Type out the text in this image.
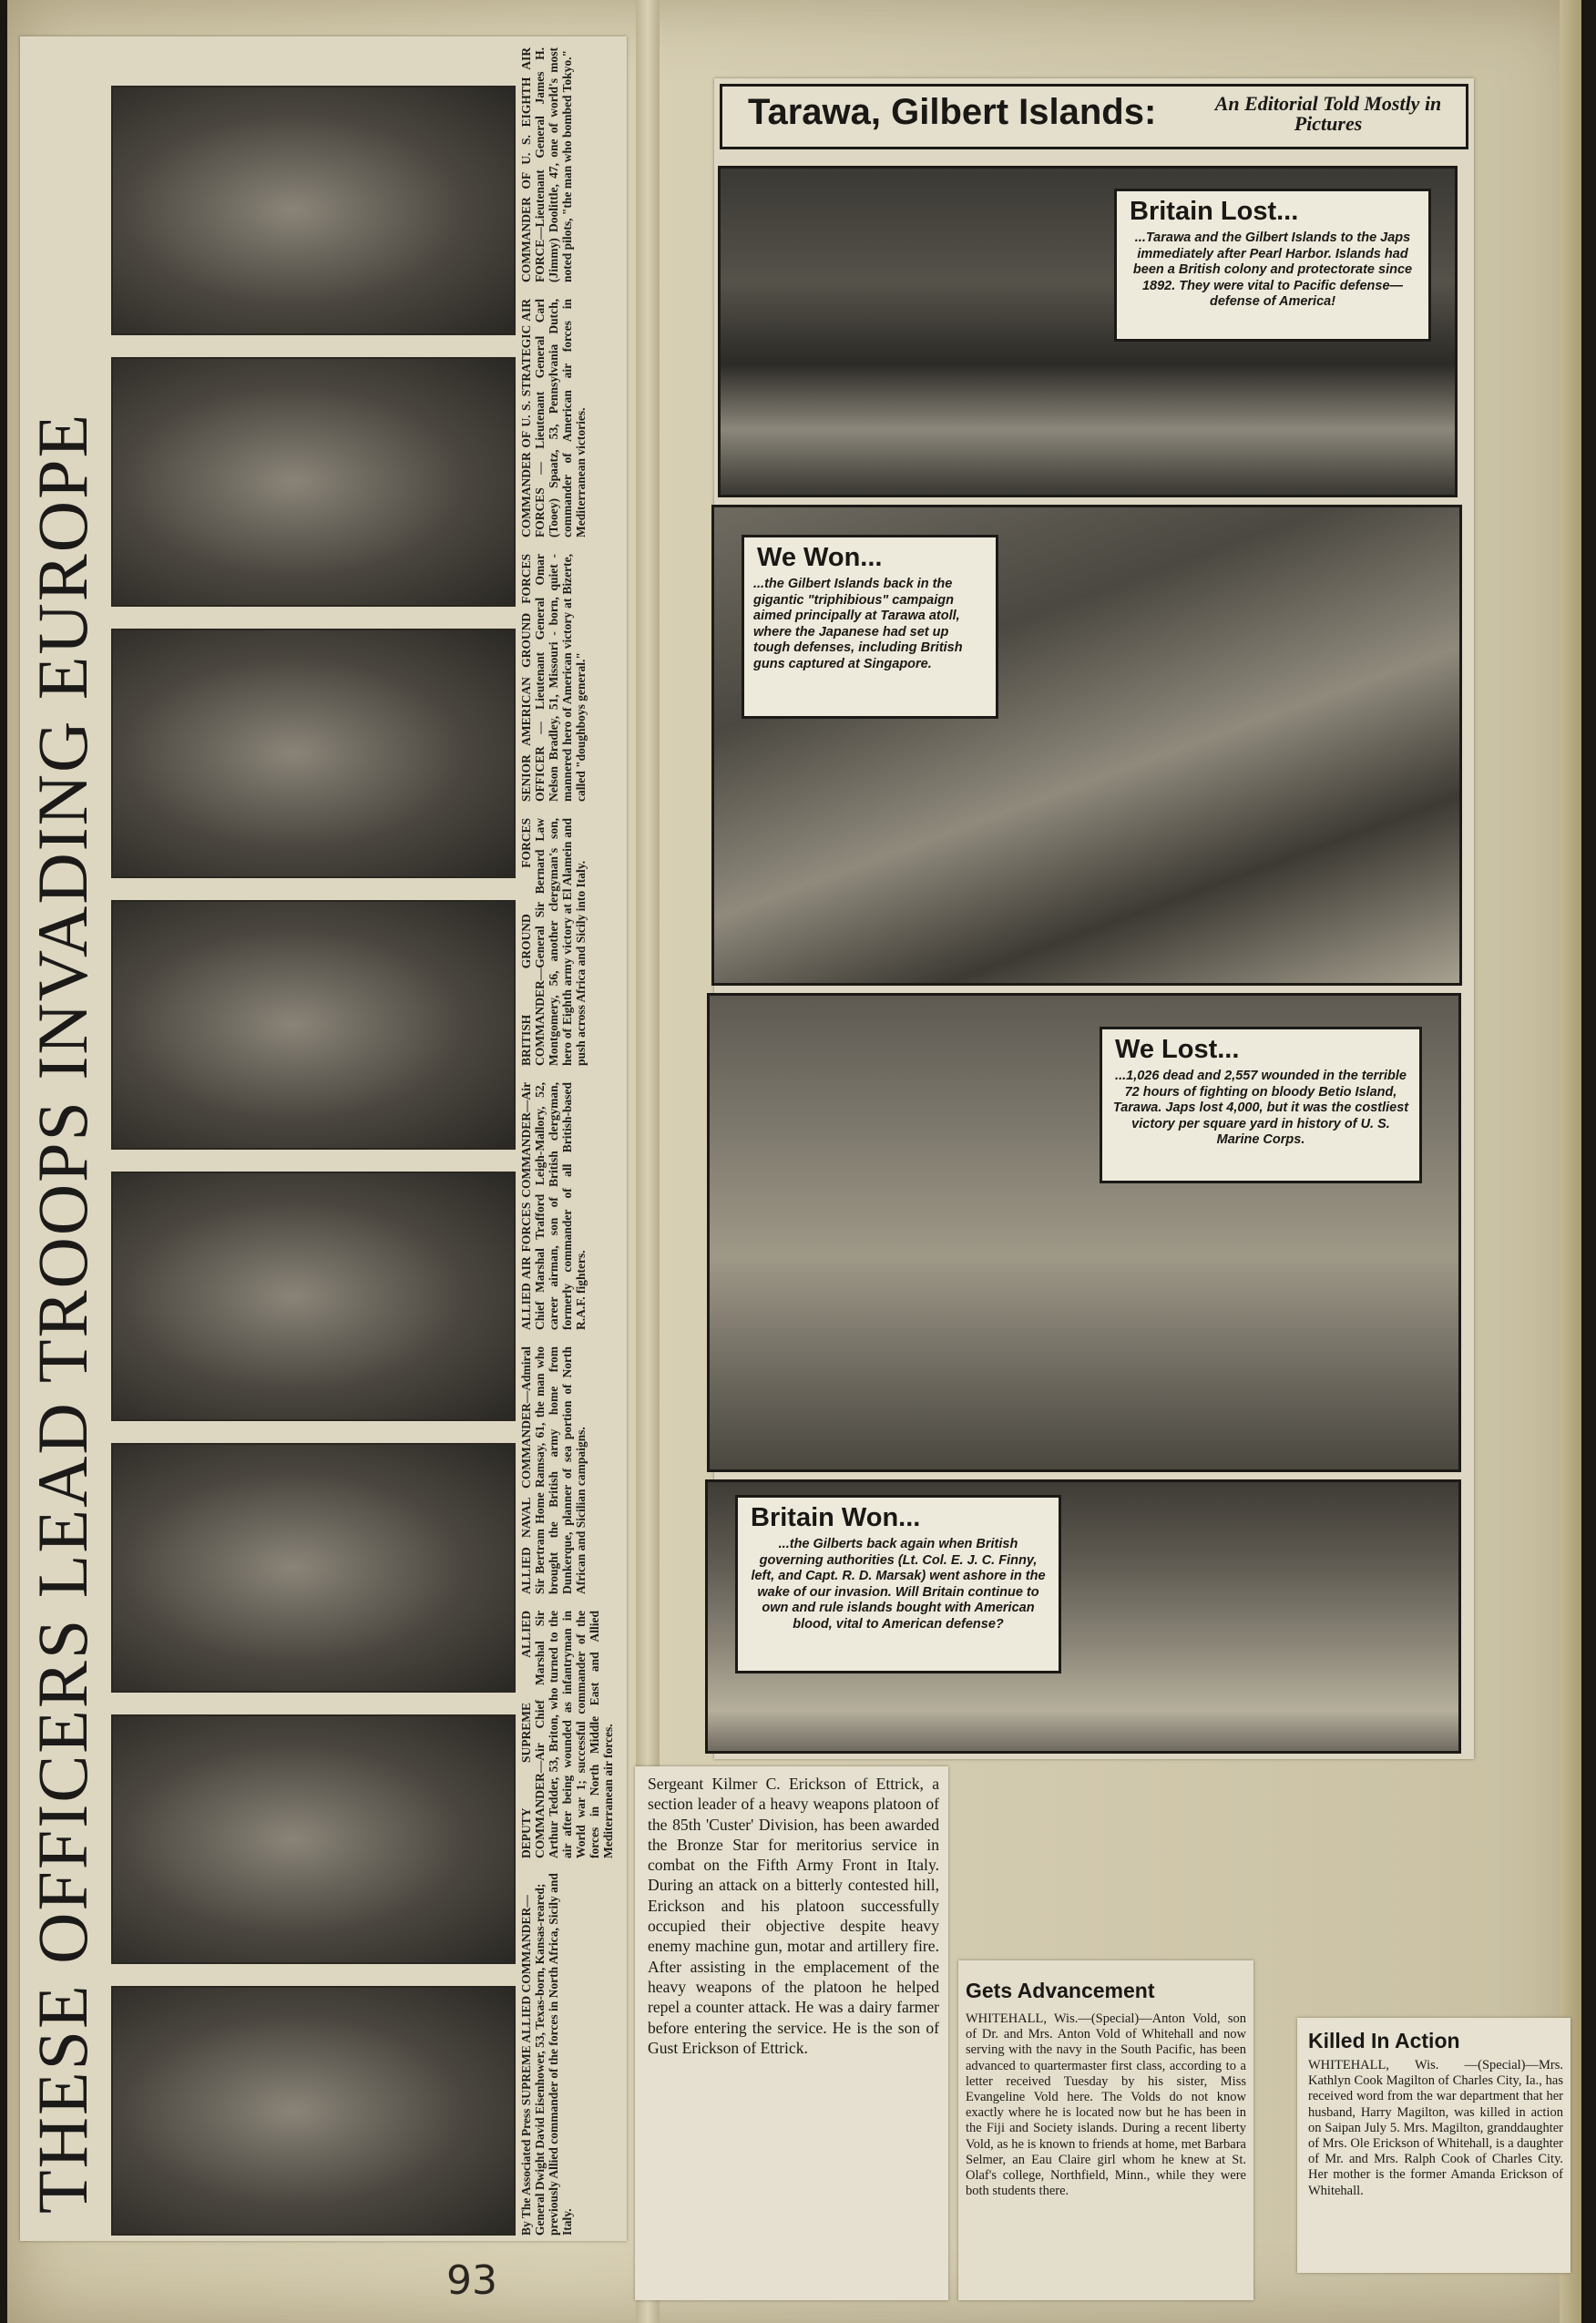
THESE OFFICERS LEAD TROOPS INVADING EUROPE	By The Associated Press SUPREME ALLIED COMMANDER—General Dwight David Eisenhower, 53, Texas-born, Kansas-reared; previously Allied commander of the forces in North Africa, Sicily and Italy.
DEPUTY SUPREME ALLIED COMMANDER—Air Chief Marshal Sir Arthur Tedder, 53, Briton, who turned to the air after being wounded as infantryman in World war 1; successful commander of the forces in North Middle East and Allied Mediterranean air forces.
ALLIED NAVAL COMMANDER—Admiral Sir Bertram Home Ramsay, 61, the man who brought the British army home from Dunkerque, planner of sea portion of North African and Sicilian campaigns.
ALLIED AIR FORCES COMMANDER—Air Chief Marshal Trafford Leigh-Mallory, 52, career airman, son of British clergyman, formerly commander of all British-based R.A.F. fighters.
BRITISH GROUND FORCES COMMANDER—General Sir Bernard Law Montgomery, 56, another clergyman's son, hero of Eighth army victory at El Alamein and push across Africa and Sicily into Italy.
SENIOR AMERICAN GROUND FORCES OFFICER — Lieutenant General Omar Nelson Bradley, 51, Missouri - born, quiet - mannered hero of American victory at Bizerte, called "doughboys general."
COMMANDER OF U. S. STRATEGIC AIR FORCES — Lieutenant General Carl (Tooey) Spaatz, 53, Pennsylvania Dutch, commander of American air forces in Mediterranean victories.
COMMANDER OF U. S. EIGHTH AIR FORCE—Lieutenant General James H. (Jimmy) Doolittle, 47, one of world's most noted pilots, "the man who bombed Tokyo."	Tarawa, Gilbert Islands:	An Editorial Told Mostly in Pictures
Britain Lost...
...Tarawa and the Gilbert Islands to the Japs immediately after Pearl Harbor. Islands had been a British colony and protectorate since 1892. They were vital to Pacific defense—defense of America!
We Won...
...the Gilbert Islands back in the gigantic "triphibious" campaign aimed principally at Tarawa atoll, where the Japanese had set up tough defenses, including British guns captured at Singapore.
We Lost...
...1,026 dead and 2,557 wounded in the terrible 72 hours of fighting on bloody Betio Island, Tarawa. Japs lost 4,000, but it was the costliest victory per square yard in history of U. S. Marine Corps.
Britain Won...
...the Gilberts back again when British governing authorities (Lt. Col. E. J. C. Finny, left, and Capt. R. D. Marsak) went ashore in the wake of our invasion. Will Britain continue to own and rule islands bought with American blood, vital to American defense?
Sergeant Kilmer C. Erickson of Ettrick, a section leader of a heavy weapons platoon of the 85th 'Custer' Division, has been awarded the Bronze Star for meritorius service in combat on the Fifth Army Front in Italy. During an attack on a bitterly contested hill, Erickson and his platoon successfully occupied their objective despite heavy enemy machine gun, motar and artillery fire. After assisting in the emplacement of the heavy weapons of the platoon he helped repel a counter attack. He was a dairy farmer before entering the service. He is the son of Gust Erickson of Ettrick.
Gets Advancement
WHITEHALL, Wis.—(Special)—Anton Vold, son of Dr. and Mrs. Anton Vold of Whitehall and now serving with the navy in the South Pacific, has been advanced to quartermaster first class, according to a letter received Tuesday by his sister, Miss Evangeline Vold here. The Volds do not know exactly where he is located now but he has been in the Fiji and Society islands. During a recent liberty Vold, as he is known to friends at home, met Barbara Selmer, an Eau Claire girl whom he knew at St. Olaf's college, Northfield, Minn., while they were both students there.
Killed In Action
WHITEHALL, Wis. —(Special)—Mrs. Kathlyn Cook Magilton of Charles City, Ia., has received word from the war department that her husband, Harry Magilton, was killed in action on Saipan July 5. Mrs. Magilton, granddaughter of Mrs. Ole Erickson of Whitehall, is a daughter of Mr. and Mrs. Ralph Cook of Charles City. Her mother is the former Amanda Erickson of Whitehall.
93
